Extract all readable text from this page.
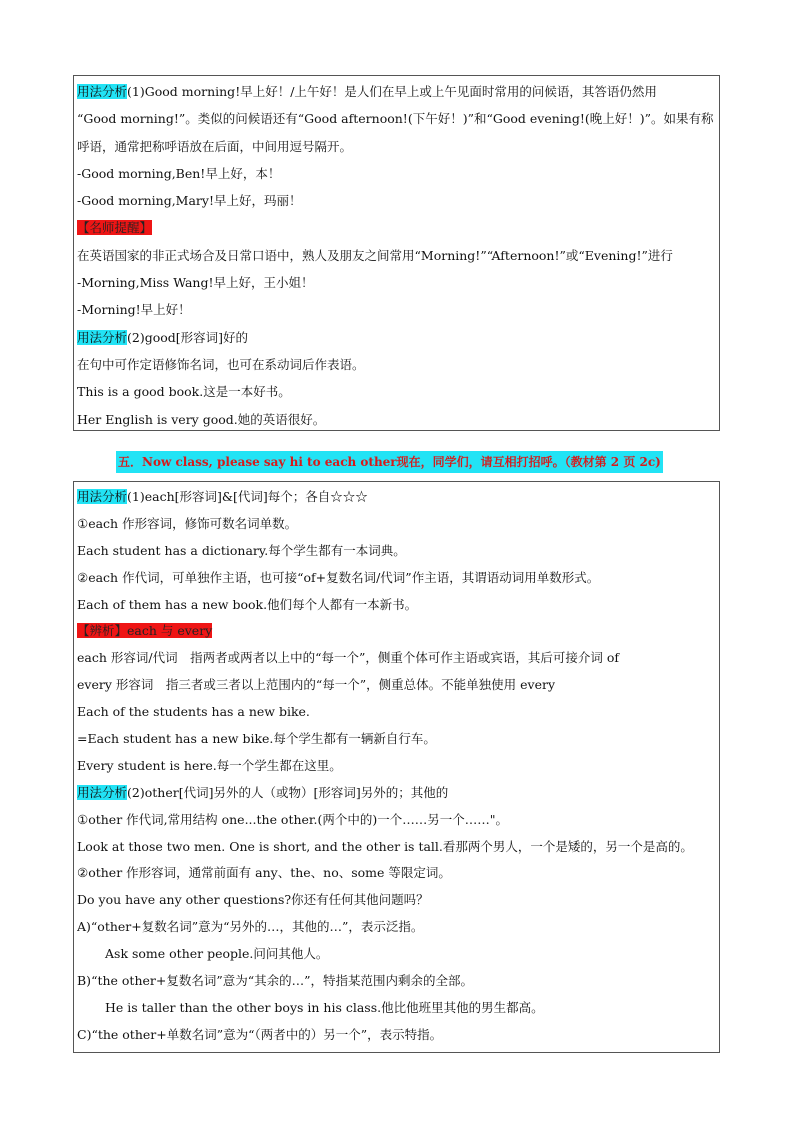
用法分析(1)Good morning!早上好！/上午好！是人们在早上或上午见面时常用的问候语，其答语仍然用
“Good morning!”。类似的问候语还有“Good afternoon!(下午好！)”和“Good evening!(晚上好！)”。如果有称
呼语，通常把称呼语放在后面，中间用逗号隔开。
-Good morning,Ben!早上好，本！
-Good morning,Mary!早上好，玛丽！
【名师提醒】
在英语国家的非正式场合及日常口语中，熟人及朋友之间常用“Morning!”“Afternoon!”或“Evening!”进行
-Morning,Miss Wang!早上好，王小姐！
-Morning!早上好！
用法分析(2)good[形容词]好的
在句中可作定语修饰名词，也可在系动词后作表语。
This is a good book.这是一本好书。
Her English is very good.她的英语很好。
五．Now class, please say hi to each other现在，同学们，请互相打招呼。（教材第 2 页 2c)
用法分析(1)each[形容词]&[代词]每个；各自☆☆☆
①each 作形容词，修饰可数名词单数。
Each student has a dictionary.每个学生都有一本词典。
②each 作代词，可单独作主语，也可接“of+复数名词/代词”作主语，其谓语动词用单数形式。
Each of them has a new book.他们每个人都有一本新书。
【辨析】each 与 every
each 形容词/代词　指两者或两者以上中的“每一个”，侧重个体可作主语或宾语，其后可接介词 of
every 形容词　指三者或三者以上范围内的“每一个”，侧重总体。不能单独使用 every
Each of the students has a new bike.
=Each student has a new bike.每个学生都有一辆新自行车。
Every student is here.每一个学生都在这里。
用法分析(2)other[代词]另外的人（或物）[形容词]另外的；其他的
①other 作代词,常用结构 one...the other.(两个中的)一个……另一个……"。
Look at those two men. One is short, and the other is tall.看那两个男人，一个是矮的，另一个是高的。
②other 作形容词，通常前面有 any、the、no、some 等限定词。
Do you have any other questions?你还有任何其他问题吗？
A)“other+复数名词”意为“另外的…，其他的…”，表示泛指。
Ask some other people.问问其他人。
B)“the other+复数名词”意为“其余的…”，特指某范围内剩余的全部。
He is taller than the other boys in his class.他比他班里其他的男生都高。
C)“the other+单数名词”意为“（两者中的）另一个”，表示特指。
